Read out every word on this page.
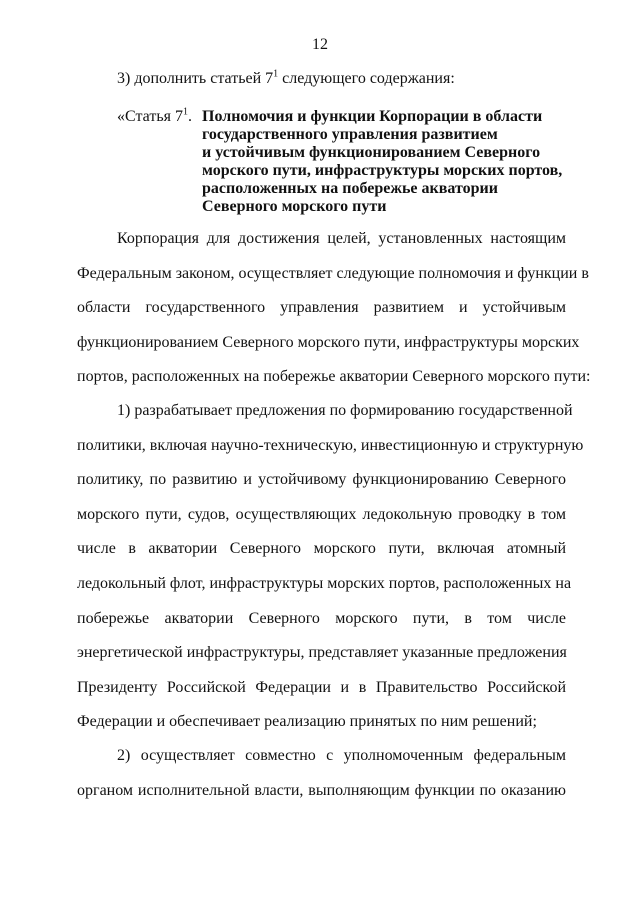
12
3) дополнить статьей $7^1$ следующего содержания:
«Статья $7^1$. Полномочия и функции Корпорации в области
государственного управления развитием
и устойчивым функционированием Северного
морского пути, инфраструктуры морских портов,
расположенных на побережье акватории
Северного морского пути
Корпорация для достижения целей, установленных настоящим
Федеральным законом, осуществляет следующие полномочия и функции в
области государственного управления развитием и устойчивым
функционированием Северного морского пути, инфраструктуры морских
портов, расположенных на побережье акватории Северного морского пути:
1) разрабатывает предложения по формированию государственной
политики, включая научно-техническую, инвестиционную и структурную
политику, по развитию и устойчивому функционированию Северного
морского пути, судов, осуществляющих ледокольную проводку в том
числе в акватории Северного морского пути, включая атомный
ледокольный флот, инфраструктуры морских портов, расположенных на
побережье акватории Северного морского пути, в том числе
энергетической инфраструктуры, представляет указанные предложения
Президенту Российской Федерации и в Правительство Российской
Федерации и обеспечивает реализацию принятых по ним решений;
2) осуществляет совместно с уполномоченным федеральным
органом исполнительной власти, выполняющим функции по оказанию
